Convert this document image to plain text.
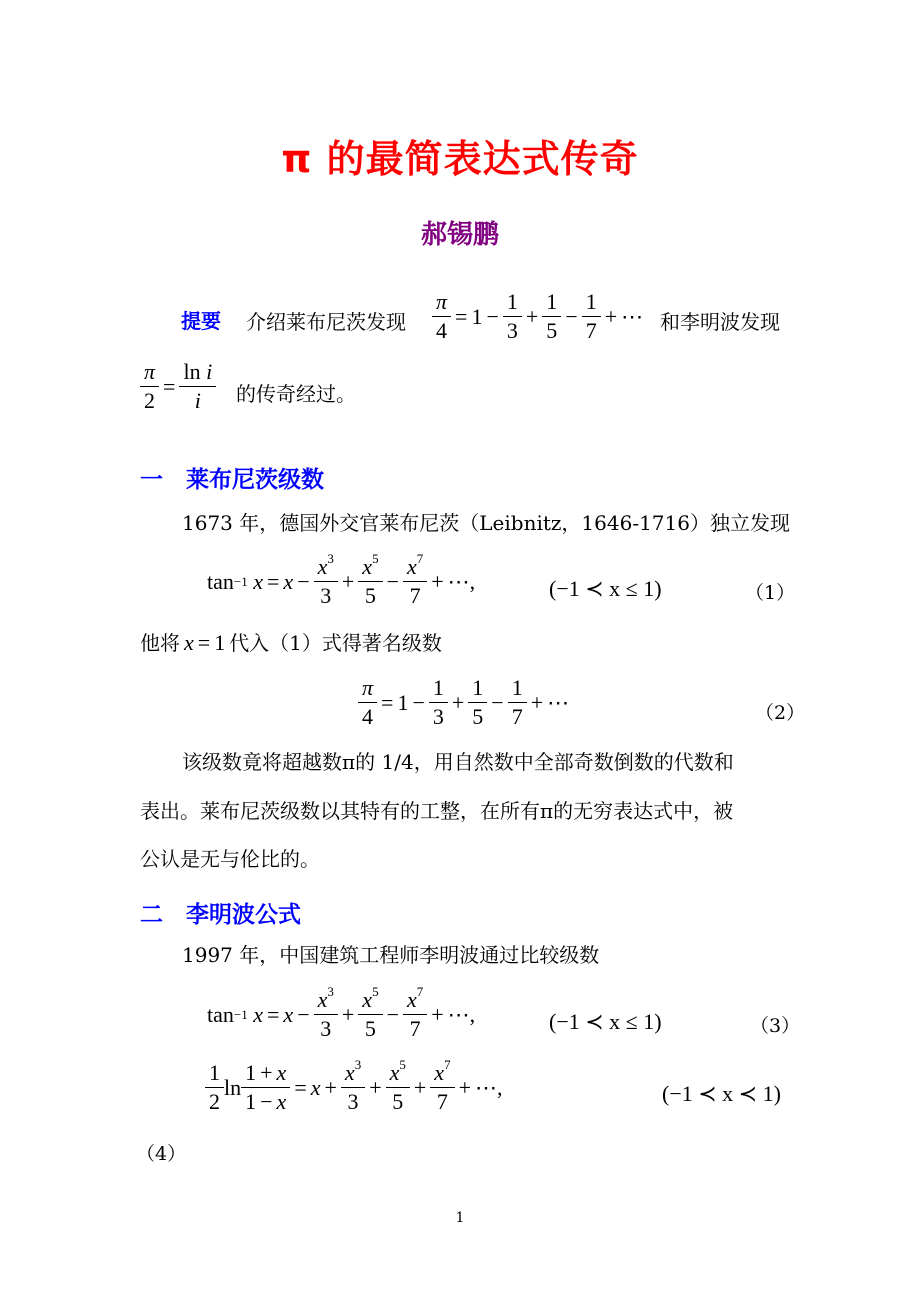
π 的最简表达式传奇
郝锡鹏
提要 介绍莱布尼茨发现 $\frac{\pi}{4} = 1 - \frac{1}{3} + \frac{1}{5} - \frac{1}{7}$ + ⋯ 和李明波发现
$\frac{\pi}{2} = \frac{\text{ln i}}{i}$ 的传奇经过。
一　莱布尼茨级数
1673 年，德国外交官莱布尼茨（Leibnitz，1646-1716）独立发现
tan −1
$x = x - \frac{x^3}{3} + \frac{x^5}{5} - \frac{x^7}{7}$ + ⋯,	(−1 ≺ x ≤ 1)	（1）
他将 x = 1 代入（1）式得著名级数
$\frac{\pi}{4} = 1 - \frac{1}{3} + \frac{1}{5} - \frac{1}{7}$ + ⋯	（2）
该级数竟将超越数π的 1/4，用自然数中全部奇数倒数的代数和
表出。莱布尼茨级数以其特有的工整，在所有π的无穷表达式中，被
公认是无与伦比的。
二　李明波公式
1997 年，中国建筑工程师李明波通过比较级数
tan −1
$x = x - \frac{x^3}{3} + \frac{x^5}{5} - \frac{x^7}{7}$ + ⋯,	(−1 ≺ x ≤ 1)	（3）
$\frac{1}{2}$ $\ln \frac{1 + x}{1 - x} = x + \frac{x^3}{3} + \frac{x^5}{5} + \frac{x^7}{7}$ + ⋯,	(−1 ≺ x ≺ 1)
（4）
1
